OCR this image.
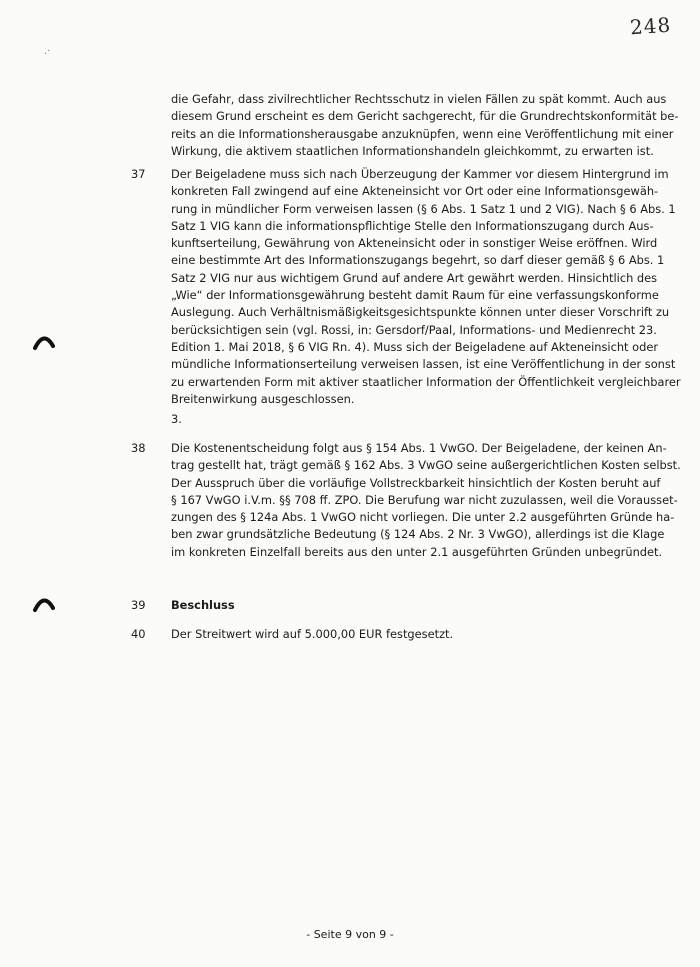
248
.·
die Gefahr, dass zivilrechtlicher Rechtsschutz in vielen Fällen zu spät kommt. Auch aus
diesem Grund erscheint es dem Gericht sachgerecht, für die Grundrechtskonformität be-
reits an die Informationsherausgabe anzuknüpfen, wenn eine Veröffentlichung mit einer
Wirkung, die aktivem staatlichen Informationshandeln gleichkommt, zu erwarten ist.
37 Der Beigeladene muss sich nach Überzeugung der Kammer vor diesem Hintergrund im
konkreten Fall zwingend auf eine Akteneinsicht vor Ort oder eine Informationsgewäh-
rung in mündlicher Form verweisen lassen (§ 6 Abs. 1 Satz 1 und 2 VIG). Nach § 6 Abs. 1
Satz 1 VIG kann die informationspflichtige Stelle den Informationszugang durch Aus-
kunftserteilung, Gewährung von Akteneinsicht oder in sonstiger Weise eröffnen. Wird
eine bestimmte Art des Informationszugangs begehrt, so darf dieser gemäß § 6 Abs. 1
Satz 2 VIG nur aus wichtigem Grund auf andere Art gewährt werden. Hinsichtlich des
„Wie“ der Informationsgewährung besteht damit Raum für eine verfassungskonforme
Auslegung. Auch Verhältnismäßigkeitsgesichtspunkte können unter dieser Vorschrift zu
berücksichtigen sein (vgl. Rossi, in: Gersdorf/Paal, Informations- und Medienrecht 23.
Edition 1. Mai 2018, § 6 VIG Rn. 4). Muss sich der Beigeladene auf Akteneinsicht oder
mündliche Informationserteilung verweisen lassen, ist eine Veröffentlichung in der sonst
zu erwartenden Form mit aktiver staatlicher Information der Öffentlichkeit vergleichbarer
Breitenwirkung ausgeschlossen.
3.
38 Die Kostenentscheidung folgt aus § 154 Abs. 1 VwGO. Der Beigeladene, der keinen An-
trag gestellt hat, trägt gemäß § 162 Abs. 3 VwGO seine außergerichtlichen Kosten selbst.
Der Ausspruch über die vorläufige Vollstreckbarkeit hinsichtlich der Kosten beruht auf
§ 167 VwGO i.V.m. §§ 708 ff. ZPO. Die Berufung war nicht zuzulassen, weil die Vorausset-
zungen des § 124a Abs. 1 VwGO nicht vorliegen. Die unter 2.2 ausgeführten Gründe ha-
ben zwar grundsätzliche Bedeutung (§ 124 Abs. 2 Nr. 3 VwGO), allerdings ist die Klage
im konkreten Einzelfall bereits aus den unter 2.1 ausgeführten Gründen unbegründet.
39 Beschluss
40 Der Streitwert wird auf 5.000,00 EUR festgesetzt.
- Seite 9 von 9 -
